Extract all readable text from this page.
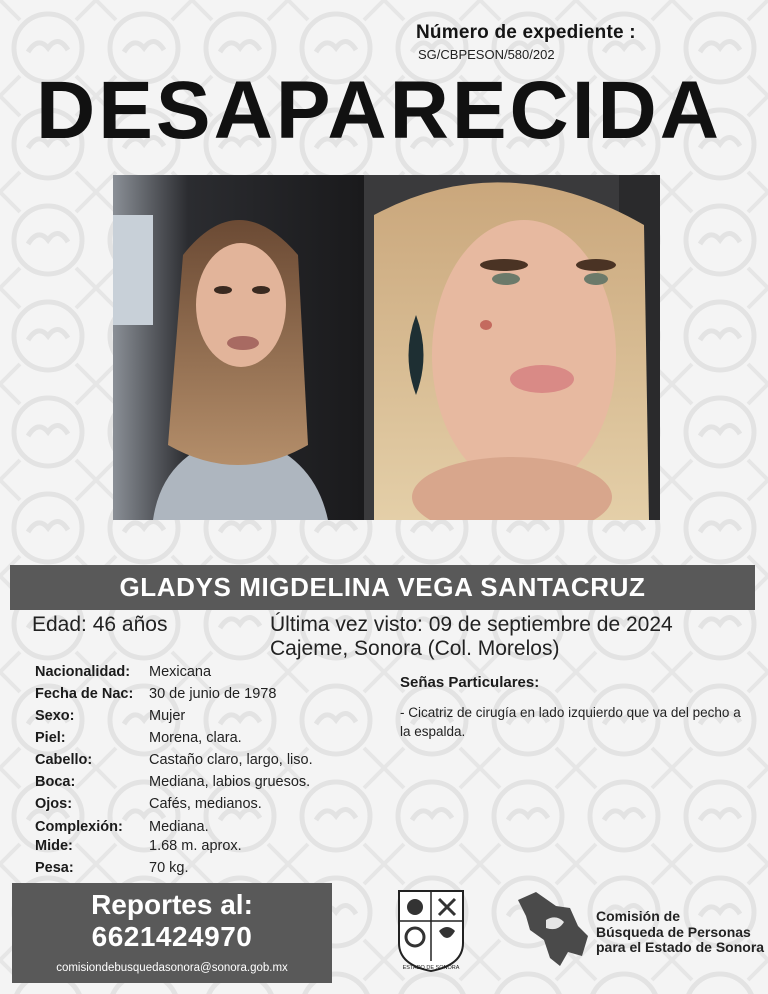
Número de expediente :
SG/CBPESON/580/202
DESAPARECIDA
GLADYS MIGDELINA VEGA SANTACRUZ
Edad: 46 años	Última vez visto: 09 de septiembre de 2024
Cajeme, Sonora (Col. Morelos)
Nacionalidad: Mexicana
Fecha de Nac: 30 de junio de 1978
Sexo:	Mujer
Piel:	Morena, clara.
Cabello:	Castaño claro, largo, liso.
Boca:	Mediana, labios gruesos.
Ojos:	Cafés, medianos.
Complexión: Mediana.
Mide:	1.68 m. aprox.
Pesa:	70 kg.
Señas Particulares:
- Cicatriz de cirugía en lado izquierdo que va del pecho a la espalda.
Reportes al:
6621424970
comisiondebusquedasonora@sonora.gob.mx	ESTADO DE SONORA
Comisión de
Búsqueda de Personas
para el Estado de Sonora
